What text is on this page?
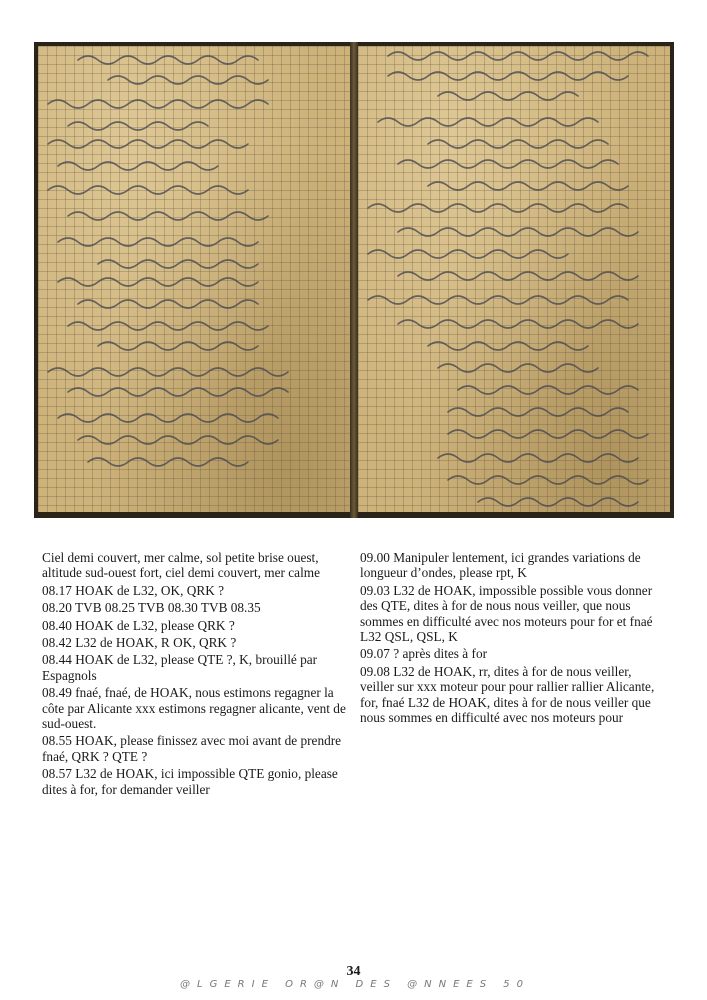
Ciel demi couvert, mer calme, sol petite brise ouest, altitude sud-ouest fort, ciel demi couvert, mer calme

08.17 HOAK de L32, OK, QRK ?

08.20 TVB 08.25 TVB 08.30 TVB 08.35

08.40 HOAK de L32, please QRK ?

08.42 L32 de HOAK, R OK, QRK ?

08.44 HOAK de L32, please QTE ?, K, brouillé par Espagnols

08.49 fnaé, fnaé, de HOAK, nous estimons regagner la côte par Alicante xxx estimons regagner alicante, vent de sud-ouest.

08.55 HOAK, please finissez avec moi avant de prendre fnaé, QRK ? QTE ?

08.57 L32 de HOAK, ici impossible QTE gonio, please dites à for, for demander veiller

09.00 Manipuler lentement, ici grandes variations de longueur d’ondes, please rpt, K

09.03 L32 de HOAK, impossible possible vous donner des QTE, dites à for de nous nous veiller, que nous sommes en difficulté avec nos moteurs pour for et fnaé L32 QSL, QSL, K

09.07 ? après dites à for

09.08 L32 de HOAK, rr, dites à for de nous veiller, veiller sur xxx moteur pour pour rallier rallier Alicante, for, fnaé L32 de HOAK, dites à for de nous veiller que nous sommes en difficulté avec nos moteurs pour

34
@LGERIE OR@N DES @NNEES 50
